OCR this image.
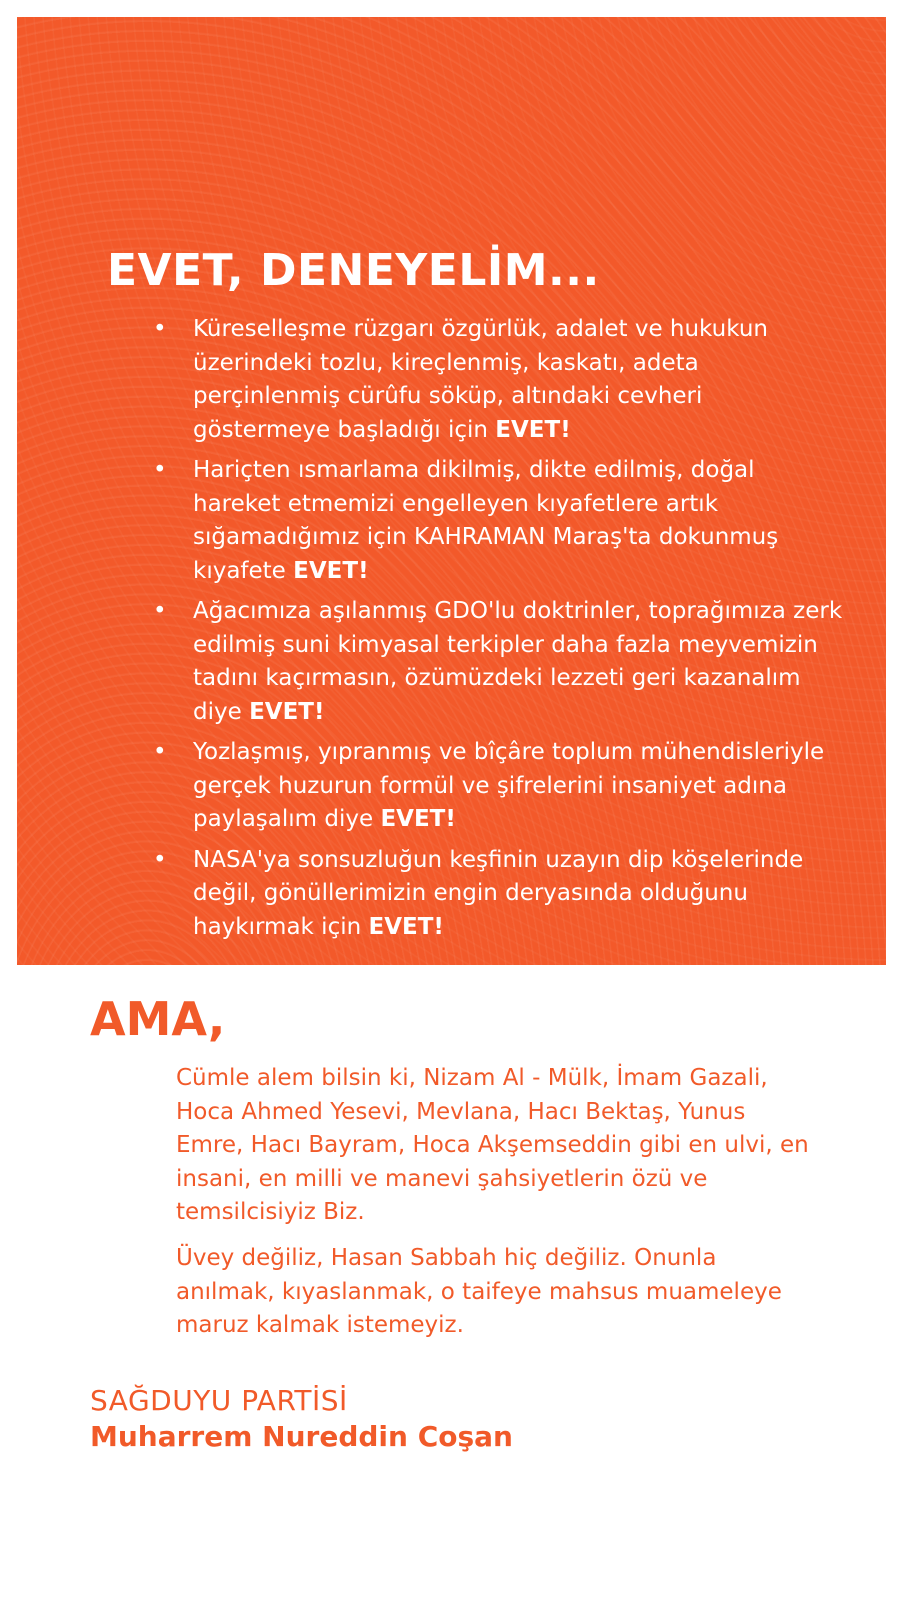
EVET, DENEYELİM...
• Küreselleşme rüzgarı özgürlük, adalet ve hukukun üzerindeki tozlu, kireçlenmiş, kaskatı, adeta perçinlenmiş cürûfu söküp, altındaki cevheri göstermeye başladığı için EVET!
• Hariçten ısmarlama dikilmiş, dikte edilmiş, doğal hareket etmemizi engelleyen kıyafetlere artık sığamadığımız için KAHRAMAN Maraş'ta dokunmuş kıyafete EVET!
• Ağacımıza aşılanmış GDO'lu doktrinler, toprağımıza zerk edilmiş suni kimyasal terkipler daha fazla meyvemizin tadını kaçırmasın, özümüzdeki lezzeti geri kazanalım diye EVET!
• Yozlaşmış, yıpranmış ve bîçâre toplum mühendisleriyle gerçek huzurun formül ve şifrelerini insaniyet adına paylaşalım diye EVET!
• NASA'ya sonsuzluğun keşfinin uzayın dip köşelerinde değil, gönüllerimizin engin deryasında olduğunu haykırmak için EVET!
AMA,

Cümle alem bilsin ki, Nizam Al - Mülk, İmam Gazali, Hoca Ahmed Yesevi, Mevlana, Hacı Bektaş, Yunus Emre, Hacı Bayram, Hoca Akşemseddin gibi en ulvi, en insani, en milli ve manevi şahsiyetlerin özü ve temsilcisiyiz Biz.

Üvey değiliz, Hasan Sabbah hiç değiliz. Onunla anılmak, kıyaslanmak, o taifeye mahsus muameleye maruz kalmak istemeyiz.

SAĞDUYU PARTİSİ

Muharrem Nureddin Coşan
